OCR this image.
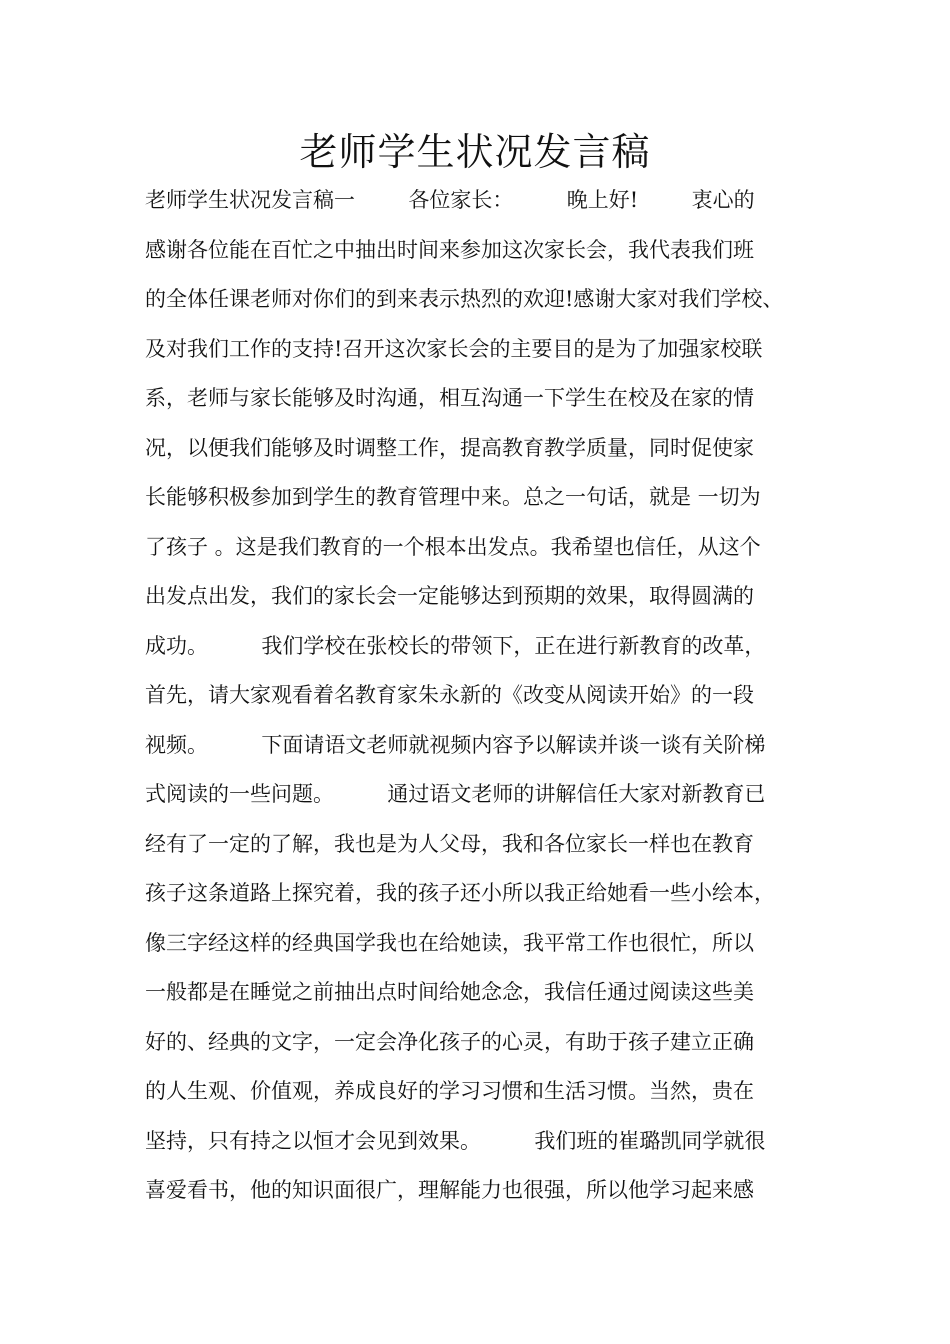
老师学生状况发言稿
老师学生状况发言稿一        各位家长：        晚上好!        衷心的
感谢各位能在百忙之中抽出时间来参加这次家长会，我代表我们班
的全体任课老师对你们的到来表示热烈的欢迎!感谢大家对我们学校、
及对我们工作的支持!召开这次家长会的主要目的是为了加强家校联
系，老师与家长能够及时沟通，相互沟通一下学生在校及在家的情
况，以便我们能够及时调整工作，提高教育教学质量，同时促使家
长能够积极参加到学生的教育管理中来。总之一句话，就是 一切为
了孩子 。这是我们教育的一个根本出发点。我希望也信任，从这个
出发点出发，我们的家长会一定能够达到预期的效果，取得圆满的
成功。        我们学校在张校长的带领下，正在进行新教育的改革，
首先，请大家观看着名教育家朱永新的《改变从阅读开始》的一段
视频。        下面请语文老师就视频内容予以解读并谈一谈有关阶梯
式阅读的一些问题。        通过语文老师的讲解信任大家对新教育已
经有了一定的了解，我也是为人父母，我和各位家长一样也在教育
孩子这条道路上探究着，我的孩子还小所以我正给她看一些小绘本，
像三字经这样的经典国学我也在给她读，我平常工作也很忙，所以
一般都是在睡觉之前抽出点时间给她念念，我信任通过阅读这些美
好的、经典的文字，一定会净化孩子的心灵，有助于孩子建立正确
的人生观、价值观，养成良好的学习习惯和生活习惯。当然，贵在
坚持，只有持之以恒才会见到效果。        我们班的崔璐凯同学就很
喜爱看书，他的知识面很广，理解能力也很强，所以他学习起来感
